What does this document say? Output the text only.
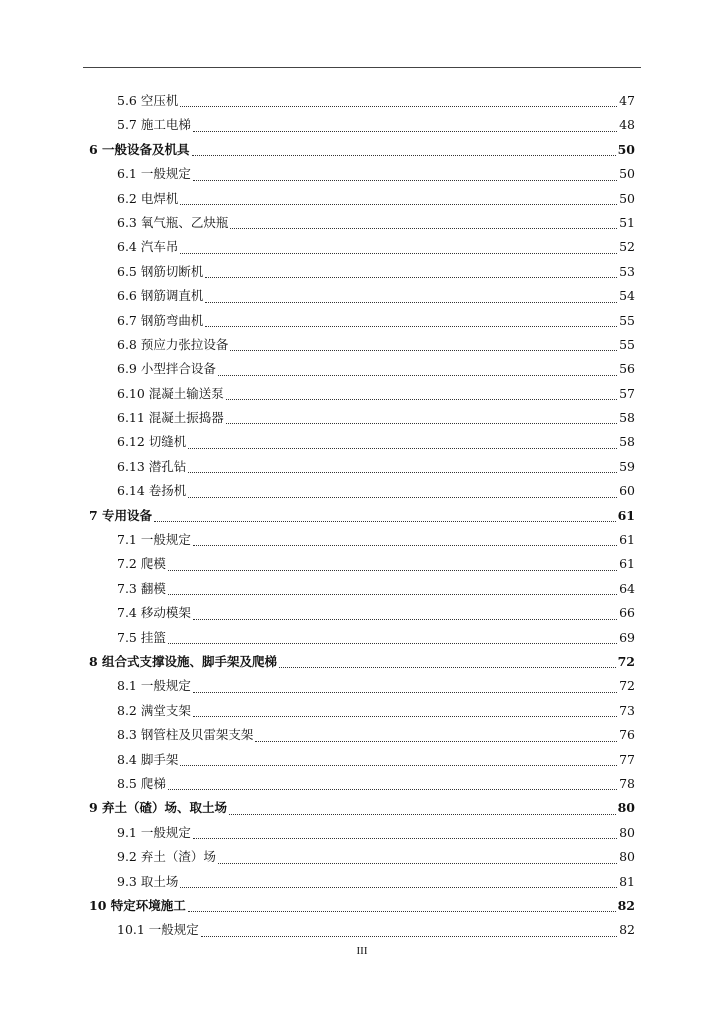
5.6 空压机	47
5.7 施工电梯	48
6 一般设备及机具	50
6.1 一般规定	50
6.2 电焊机	50
6.3 氧气瓶、乙炔瓶	51
6.4 汽车吊	52
6.5 钢筋切断机	53
6.6 钢筋调直机	54
6.7 钢筋弯曲机	55
6.8 预应力张拉设备	55
6.9 小型拌合设备	56
6.10 混凝土输送泵	57
6.11 混凝土振捣器	58
6.12 切缝机	58
6.13 潜孔钻	59
6.14 卷扬机	60
7 专用设备	61
7.1 一般规定	61
7.2 爬模	61
7.3 翻模	64
7.4 移动模架	66
7.5 挂篮	69
8 组合式支撑设施、脚手架及爬梯	72
8.1 一般规定	72
8.2 满堂支架	73
8.3 钢管柱及贝雷架支架	76
8.4 脚手架	77
8.5 爬梯	78
9 弃土（碴）场、取土场	80
9.1 一般规定	80
9.2 弃土（渣）场	80
9.3 取土场	81
10 特定环境施工	82
10.1 一般规定	82
III
